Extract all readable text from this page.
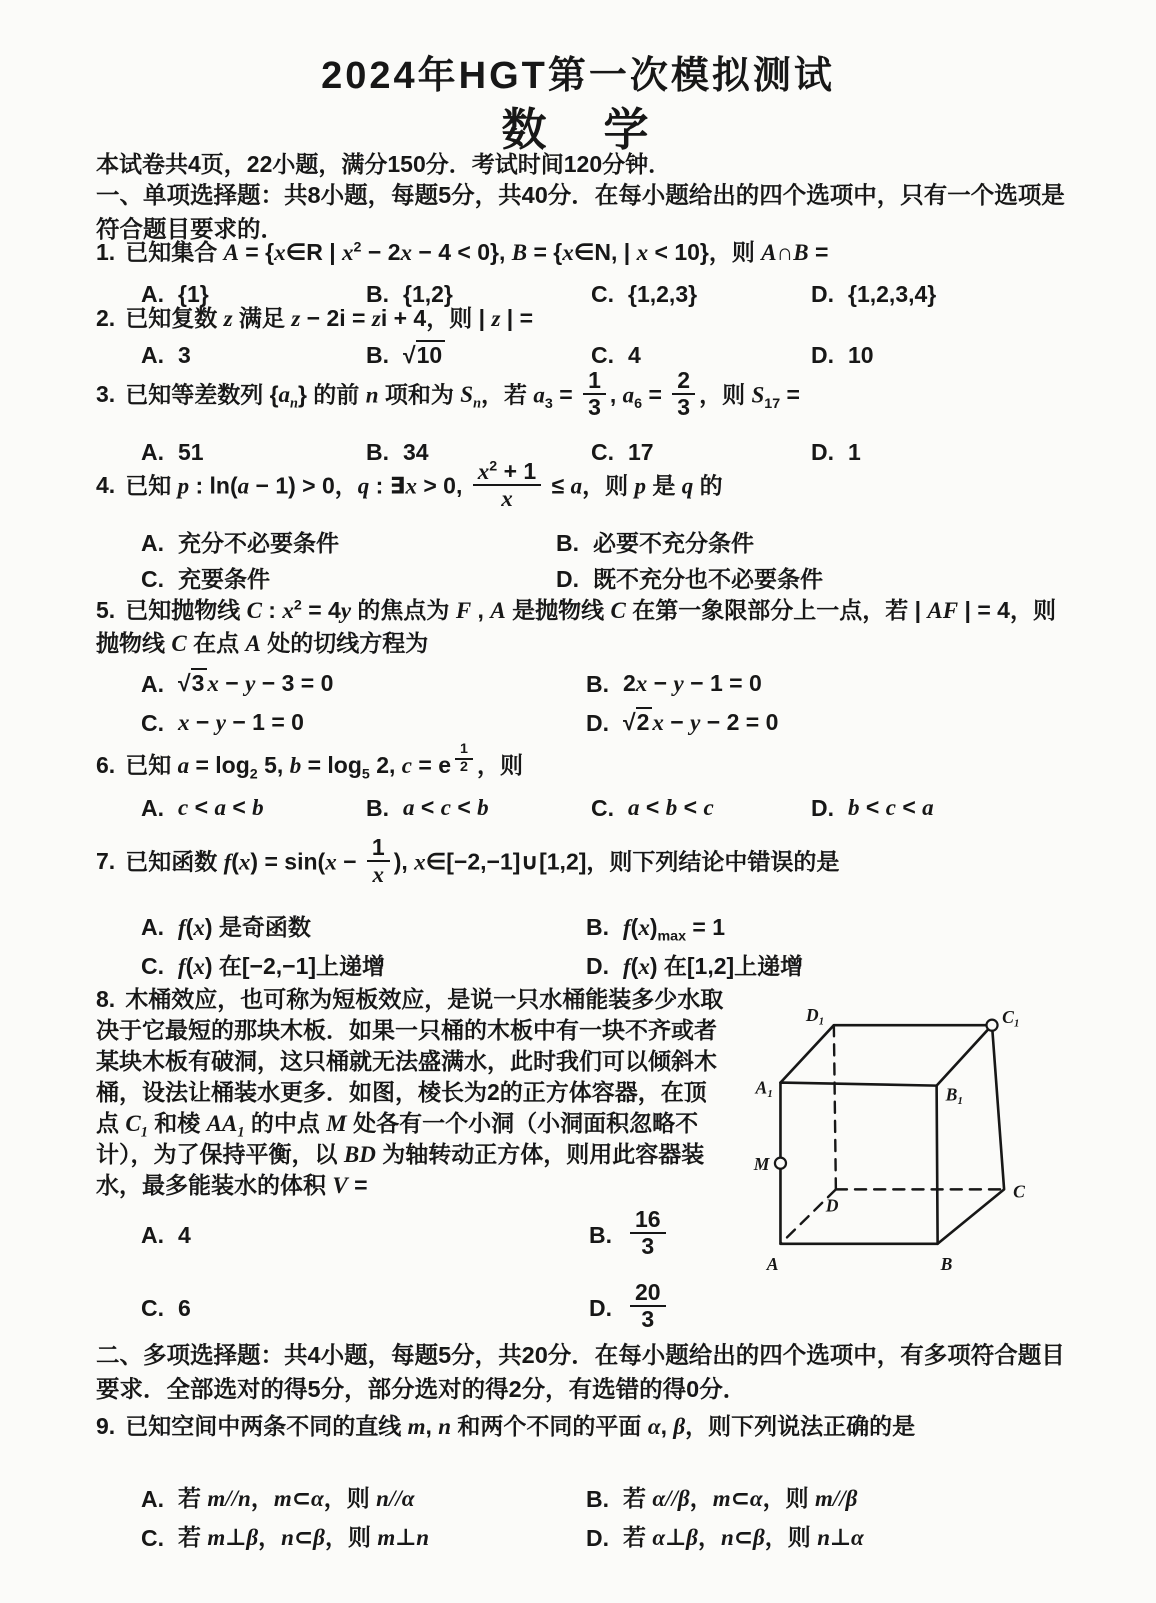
2024年HGT第一次模拟测试
数　学
本试卷共4页，22小题，满分150分．考试时间120分钟．
一、单项选择题：共8小题，每题5分，共40分．在每小题给出的四个选项中，只有一个选项是符合题目要求的．
1. 已知集合 A = {x∈R | $x^2 - 2x - 4 < 0$}, B = {x∈N, | x < 10}，则 A∩B =
A. {1}	B. {1,2}	C. {1,2,3}	D. {1,2,3,4}
2. 已知复数 z 满足 z − 2i = zi + 4，则 | z | =
A. 3	B. √10	C. 4	D. 10
3. 已知等差数列 $\{a_n\}$ 的前 n 项和为 $S_n$，若 $a_3 = \frac{1}{3}$ , $a_6 = \frac{2}{3}$ ，则 $S_{17}$ =
A. 51	B. 34	C. 17	D. 1
4. 已知 p : ln(a − 1) > 0，q : ∃x > 0, $\frac{x^2 + 1}{x} \le a$，则 p 是 q 的
A. 充分不必要条件	B. 必要不充分条件
C. 充要条件	D. 既不充分也不必要条件
5. 已知抛物线 C : $x^2 = 4y$ 的焦点为 F , A 是抛物线 C 在第一象限部分上一点，若 | AF | = 4，则抛物线 C 在点 A 处的切线方程为
A. √3 x − y − 3 = 0	B. 2x − y − 1 = 0
C. x − y − 1 = 0	D. √2 x − y − 2 = 0
6. 已知 $a = \log_2 5$, $b = \log_5 2$, c = e $^{\frac{1}{2}}$ ，则
A. c < a < b	B. a < c < b	C. a < b < c	D. b < c < a
7. 已知函数 $f(x) = \sin(x - \frac{1}{x}$ ), x∈[−2,−1]∪[1,2]，则下列结论中错误的是
A. f(x) 是奇函数	B. $f(x)_{max} = 1$
C. f(x) 在[−2,−1]上递增	D. f(x) 在[1,2]上递增
8. 木桶效应，也可称为短板效应，是说一只水桶能装多少水取决于它最短的那块木板．如果一只桶的木板中有一块不齐或者某块木板有破洞，这只桶就无法盛满水，此时我们可以倾斜木桶，设法让桶装水更多．如图，棱长为2的正方体容器，在顶点 $C_1$ 和棱 $AA_1$ 的中点 M 处各有一个小洞（小洞面积忽略不计），为了保持平衡，以 BD 为轴转动正方体，则用此容器装水，最多能装水的体积 V =
A. 4	B. $\frac{16}{3}$
C. 6	D. $\frac{20}{3}$
D₁	C₁
A₁	B₁
M
D
C
A	B
9. 已知空间中两条不同的直线 m, n 和两个不同的平面 α, β，则下列说法正确的是
A. 若 m//n，m⊂α，则 n//α	B. 若 α//β，m⊂α，则 m//β
C. 若 m⊥β，n⊂β，则 m⊥n	D. 若 α⊥β，n⊂β，则 n⊥α
二、多项选择题：共4小题，每题5分，共20分．在每小题给出的四个选项中，有多项符合题目要求．全部选对的得5分，部分选对的得2分，有选错的得0分．
